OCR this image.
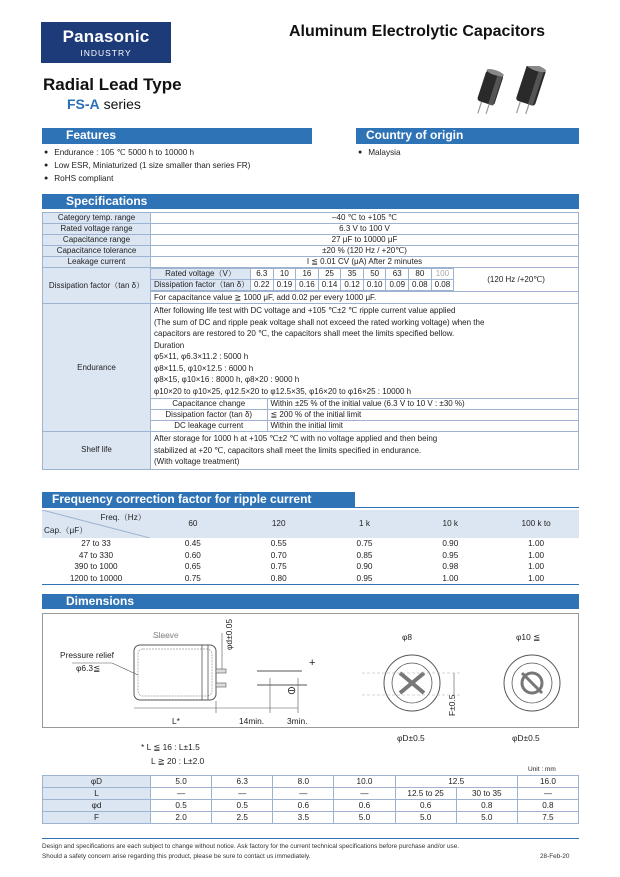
Panasonic
INDUSTRY
Aluminum Electrolytic Capacitors
Radial Lead Type
FS-A series
Features
● Endurance : 105 ℃ 5000 h to 10000 h
● Low ESR, Miniaturized (1 size smaller than series FR)
● RoHS compliant
Country of origin
● Malaysia
Specifications
Category temp. range	–40 ℃ to +105 ℃
Rated voltage range	6.3 V to 100 V
Capacitance range	27 μF to 10000 μF
Capacitance tolerance	±20 % (120 Hz / +20℃)
Leakage current	I ≦ 0.01 CV (μA) After 2 minutes
Dissipation factor（tan δ）	
Rated voltage（V）	6.3	10	16	25	35	50	63	80	100
Dissipation factor（tan δ）	0.22	0.19	0.16	0.14	0.12	0.10	0.09	0.08	0.08
(120 Hz /+20℃)
For capacitance value ≧ 1000 μF, add 0.02 per every 1000 μF.

Endurance	
After following life test with DC voltage and +105 ℃±2 ℃ ripple current value applied
(The sum of DC and ripple peak voltage shall not exceed the rated working voltage) when the
capacitors are restored to 20 ℃, the capacitors shall meet the limits specified bellow.
Duration
φ5×11, φ6.3×11.2 : 5000 h
φ8×11.5, φ10×12.5 : 6000 h
φ8×15, φ10×16 : 8000 h, φ8×20 : 9000 h
φ10×20 to φ10×25, φ12.5×20 to φ12.5×35, φ16×20 to φ16×25 : 10000 h
Capacitance change	Within ±25 % of the initial value (6.3 V to 10 V : ±30 %)
Dissipation factor (tan δ)	≦ 200 % of the initial limit
DC leakage current	Within the initial limit

Shelf life	
After storage for 1000 h at +105 ℃±2 ℃ with no voltage applied and then being
stabilized at +20 ℃, capacitors shall meet the limits specified in endurance.
(With voltage treatment)
Frequency correction factor for ripple current
Freq.（Hz）
Cap.（μF）	60	120	1 k	10 k	100 k to
27 to 33	0.45	0.55	0.75	0.90	1.00
47 to 330	0.60	0.70	0.85	0.95	1.00
390 to 1000	0.65	0.75	0.90	0.98	1.00
1200 to 10000	0.75	0.80	0.95	1.00	1.00
Dimensions
Sleeve
Pressure relief
φ6.3≦
φd±0.05
L*	14min.	3min.
+
⊖
φ8	φ10 ≦
F±0.5
φD±0.5	φD±0.5
* L ≦ 16 : L±1.5
L ≧ 20 : L±2.0
Unit : mm
φD	5.0	6.3	8.0	10.0	12.5		16.0
L	—	—	—	—	12.5 to 25	30 to 35	—
φd	0.5	0.5	0.6	0.6	0.6	0.8	0.8
F	2.0	2.5	3.5	5.0	5.0	5.0	7.5
Design and specifications are each subject to change without notice. Ask factory for the current technical specifications before purchase and/or use.
Should a safety concern arise regarding this product, please be sure to contact us immediately.	28-Feb-20
